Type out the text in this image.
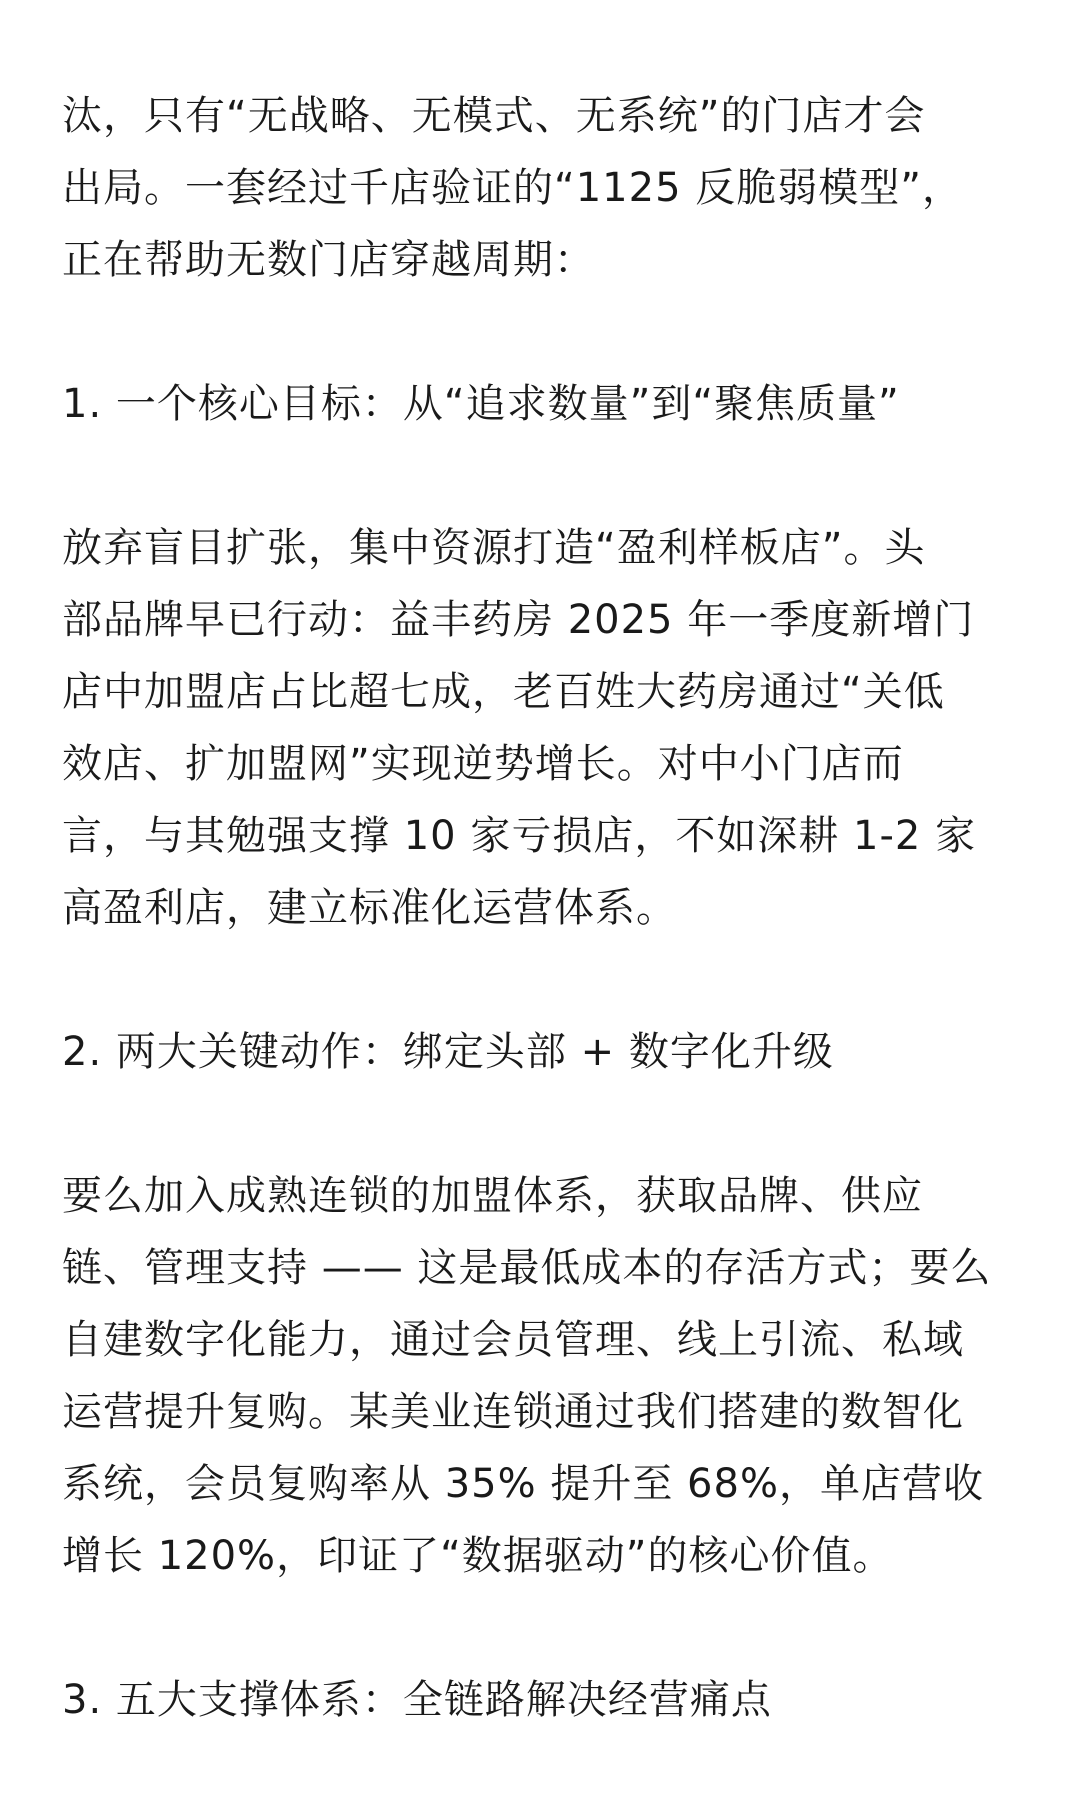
汰，只有“无战略、无模式、无系统”的门店才会
出局。一套经过千店验证的“1125 反脆弱模型”，
正在帮助无数门店穿越周期：

1. 一个核心目标：从“追求数量”到“聚焦质量”

放弃盲目扩张，集中资源打造“盈利样板店”。头
部品牌早已行动：益丰药房 2025 年一季度新增门
店中加盟店占比超七成，老百姓大药房通过“关低
效店、扩加盟网”实现逆势增长。对中小门店而
言，与其勉强支撑 10 家亏损店，不如深耕 1-2 家
高盈利店，建立标准化运营体系。

2. 两大关键动作：绑定头部 + 数字化升级

要么加入成熟连锁的加盟体系，获取品牌、供应
链、管理支持 —— 这是最低成本的存活方式；要么
自建数字化能力，通过会员管理、线上引流、私域
运营提升复购。某美业连锁通过我们搭建的数智化
系统，会员复购率从 35% 提升至 68%，单店营收
增长 120%，印证了“数据驱动”的核心价值。

3. 五大支撑体系：全链路解决经营痛点
